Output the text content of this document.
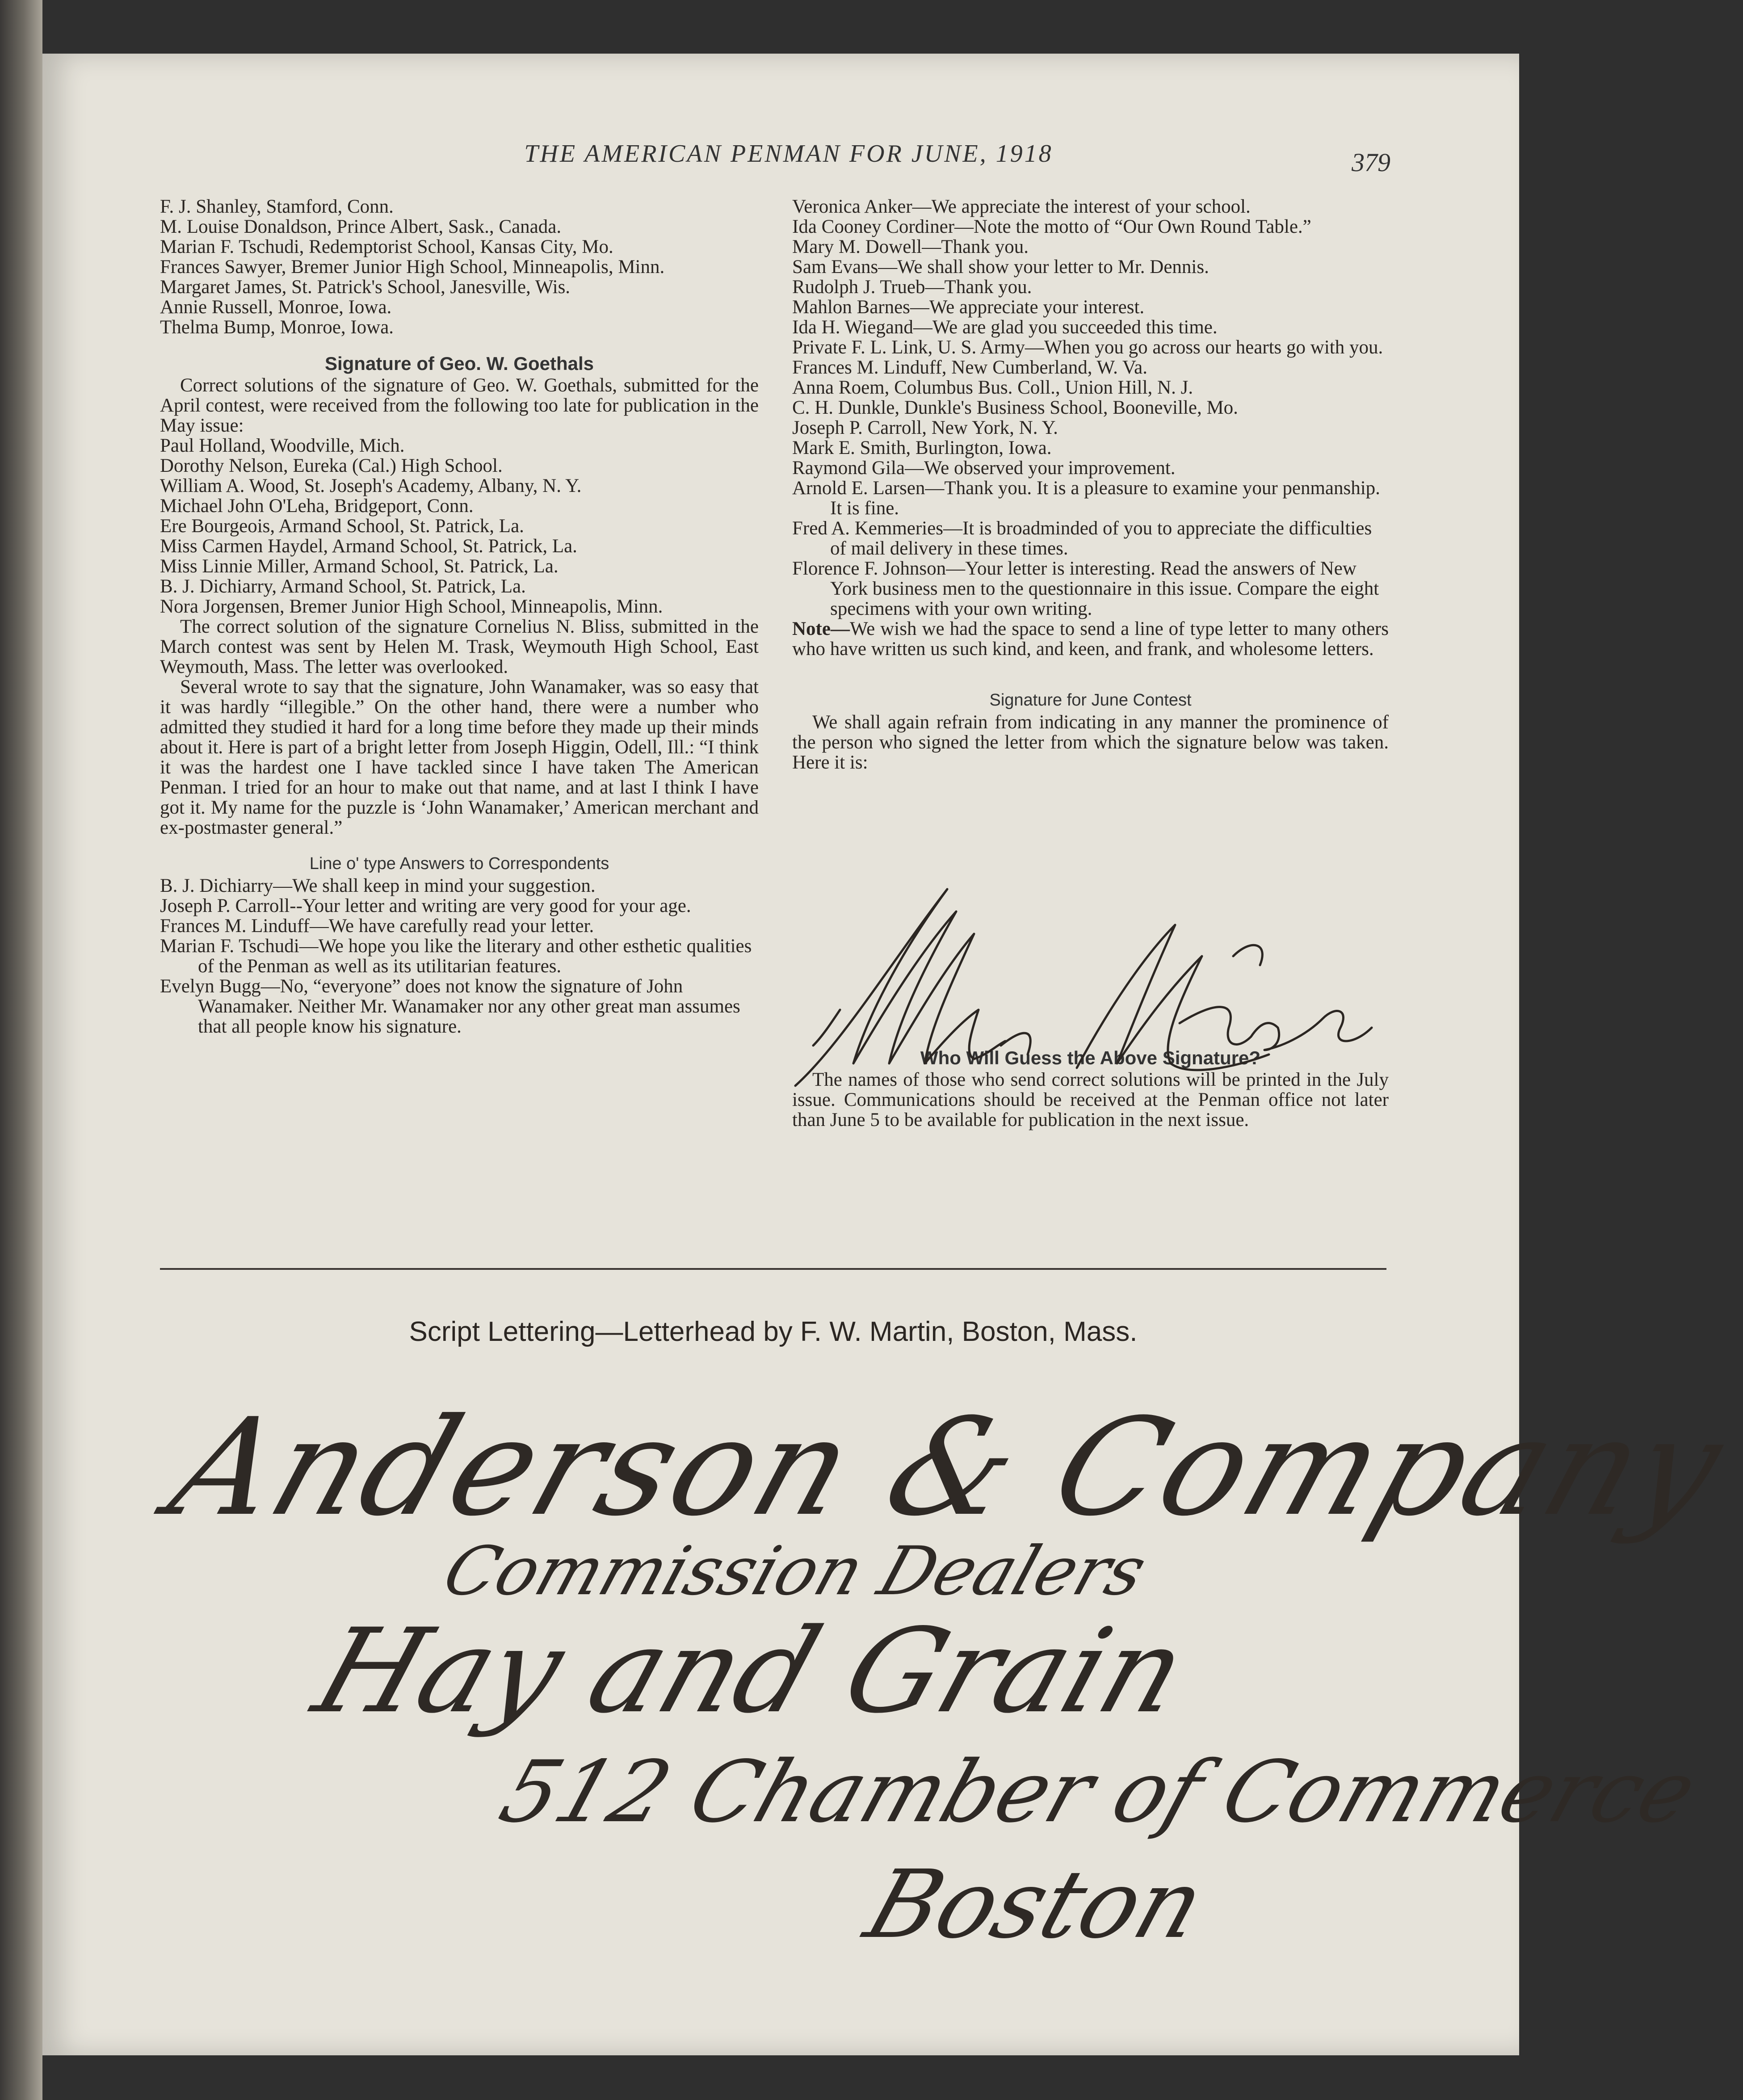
THE AMERICAN PENMAN FOR JUNE, 1918	379

F. J. Shanley, Stamford, Conn.

M. Louise Donaldson, Prince Albert, Sask., Canada.

Marian F. Tschudi, Redemptorist School, Kansas City, Mo.

Frances Sawyer, Bremer Junior High School, Minneapolis, Minn.

Margaret James, St. Patrick's School, Janesville, Wis.

Annie Russell, Monroe, Iowa.

Thelma Bump, Monroe, Iowa.

Signature of Geo. W. Goethals

Correct solutions of the signature of Geo. W. Goethals, submitted for the April contest, were received from the following too late for publication in the May issue:

Paul Holland, Woodville, Mich.

Dorothy Nelson, Eureka (Cal.) High School.

William A. Wood, St. Joseph's Academy, Albany, N. Y.

Michael John O'Leha, Bridgeport, Conn.

Ere Bourgeois, Armand School, St. Patrick, La.

Miss Carmen Haydel, Armand School, St. Patrick, La.

Miss Linnie Miller, Armand School, St. Patrick, La.

B. J. Dichiarry, Armand School, St. Patrick, La.

Nora Jorgensen, Bremer Junior High School, Minneapolis, Minn.

The correct solution of the signature Cornelius N. Bliss, submitted in the March contest was sent by Helen M. Trask, Weymouth High School, East Weymouth, Mass. The letter was overlooked.

Several wrote to say that the signature, John Wanamaker, was so easy that it was hardly “illegible.” On the other hand, there were a number who admitted they studied it hard for a long time before they made up their minds about it. Here is part of a bright letter from Joseph Higgin, Odell, Ill.: “I think it was the hardest one I have tackled since I have taken The American Penman. I tried for an hour to make out that name, and at last I think I have got it. My name for the puzzle is ‘John Wanamaker,’ American merchant and ex-postmaster general.”

Line o' type Answers to Correspondents

B. J. Dichiarry—We shall keep in mind your suggestion.

Joseph P. Carroll--Your letter and writing are very good for your age.

Frances M. Linduff—We have carefully read your letter.

Marian F. Tschudi—We hope you like the literary and other esthetic qualities of the Penman as well as its utilitarian features.

Evelyn Bugg—No, “everyone” does not know the signature of John Wanamaker. Neither Mr. Wanamaker nor any other great man assumes that all people know his signature.

Veronica Anker—We appreciate the interest of your school.

Ida Cooney Cordiner—Note the motto of “Our Own Round Table.”

Mary M. Dowell—Thank you.

Sam Evans—We shall show your letter to Mr. Dennis.

Rudolph J. Trueb—Thank you.

Mahlon Barnes—We appreciate your interest.

Ida H. Wiegand—We are glad you succeeded this time.

Private F. L. Link, U. S. Army—When you go across our hearts go with you.

Frances M. Linduff, New Cumberland, W. Va.

Anna Roem, Columbus Bus. Coll., Union Hill, N. J.

C. H. Dunkle, Dunkle's Business School, Booneville, Mo.

Joseph P. Carroll, New York, N. Y.

Mark E. Smith, Burlington, Iowa.

Raymond Gila—We observed your improvement.

Arnold E. Larsen—Thank you. It is a pleasure to examine your penmanship. It is fine.

Fred A. Kemmeries—It is broadminded of you to appreciate the difficulties of mail delivery in these times.

Florence F. Johnson—Your letter is interesting. Read the answers of New York business men to the questionnaire in this issue. Compare the eight specimens with your own writing.

Note—We wish we had the space to send a line of type letter to many others who have written us such kind, and keen, and frank, and wholesome letters.

Signature for June Contest

We shall again refrain from indicating in any manner the prominence of the person who signed the letter from which the signature below was taken. Here it is:

Who Will Guess the Above Signature?

The names of those who send correct solutions will be printed in the July issue. Communications should be received at the Penman office not later than June 5 to be available for publication in the next issue.

Script Lettering—Letterhead by F. W. Martin, Boston, Mass.
Anderson & Company
Commission Dealers
Hay and Grain
512 Chamber of Commerce
Boston
